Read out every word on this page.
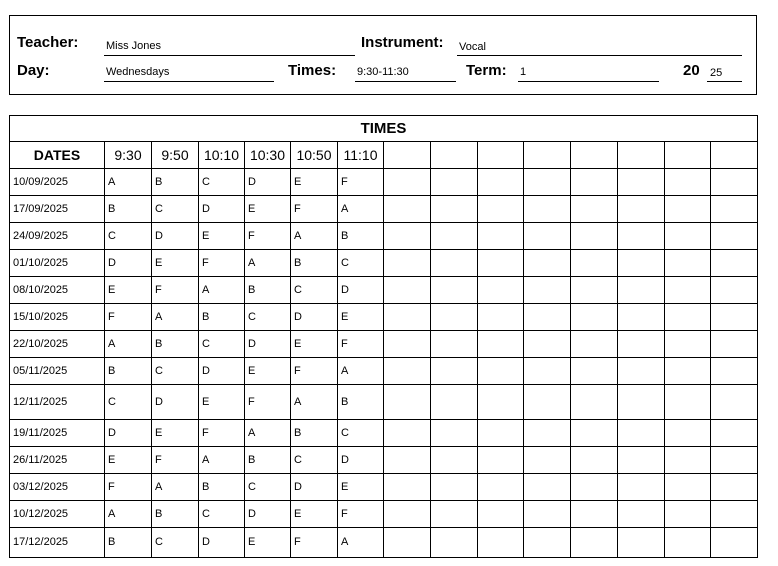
Teacher:	Miss Jones	Instrument: Vocal
Day:	Wednesdays	Times: 9:30-11:30	Term: 1	20 25
TIMES
DATES	9:30	9:50	10:10 10:30 10:50 11:10
10/09/2025	A	B	C	D	E	F
17/09/2025	B	C	D	E	F	A
24/09/2025	C	D	E	F	A	B
01/10/2025	D	E	F	A	B	C
08/10/2025	E	F	A	B	C	D
15/10/2025	F	A	B	C	D	E
22/10/2025	A	B	C	D	E	F
05/11/2025	B	C	D	E	F	A
12/11/2025	C	D	E	F	A	B
19/11/2025	D	E	F	A	B	C
26/11/2025	E	F	A	B	C	D
03/12/2025	F	A	B	C	D	E
10/12/2025	A	B	C	D	E	F
17/12/2025	B	C	D	E	F	A
